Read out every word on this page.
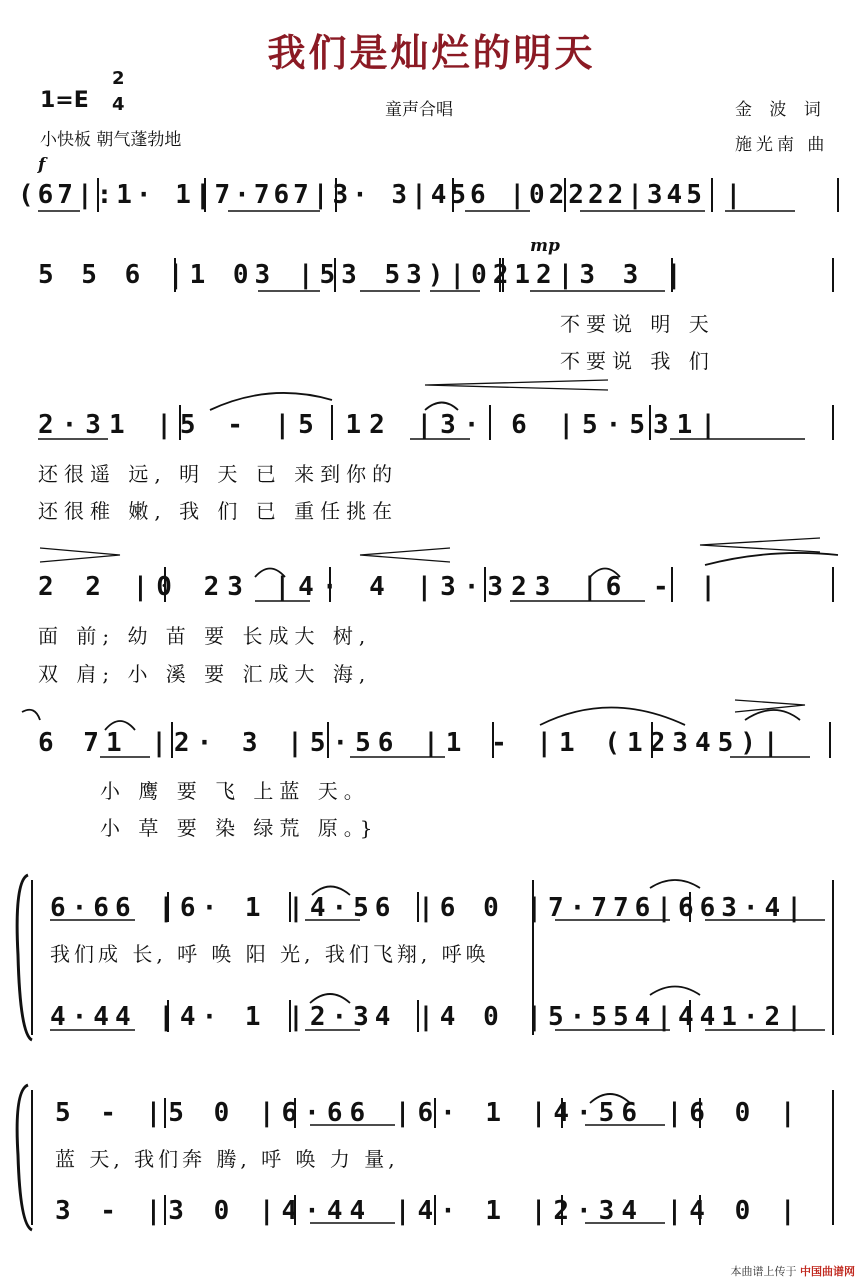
我们是灿烂的明天
1=E
2
4	童声合唱
小快板 朝气蓬勃地
金 波 词
施光南 曲
f
mp
(67|:1· 1|7·767|3· 3|456 |02222|345 |
5 5 6 |1 03 |53 53)|0212|3 3 |
不要说 明 天
不要说 我 们
2·31 |5 - |5 12 |3· 6 |5·531|
还很遥 远, 明 天 已 来到你的
还很稚 嫩, 我 们 已 重任挑在
2 2 |0 23 |4· 4 |3·323 |6 - |
面 前; 幼 苗 要 长成大 树,
双 肩; 小 溪 要 汇成大 海,
6 71 |2· 3 |5·56 |1 - |1 (12345)|
小 鹰 要 飞 上蓝 天。
小 草 要 染 绿荒 原。}
6·66 |6· 1 |4·56 |6 0 |7·776|663·4|
我们成 长, 呼 唤 阳 光, 我们飞翔, 呼唤
4·44 |4· 1 |2·34 |4 0 |5·554|441·2|
5 - |5 0 |6·66 |6· 1 |4·56 |6 0 |
蓝 天, 我们奔 腾, 呼 唤 力 量,
3 - |3 0 |4·44 |4· 1 |2·34 |4 0 |
本曲谱上传于 中国曲谱网
